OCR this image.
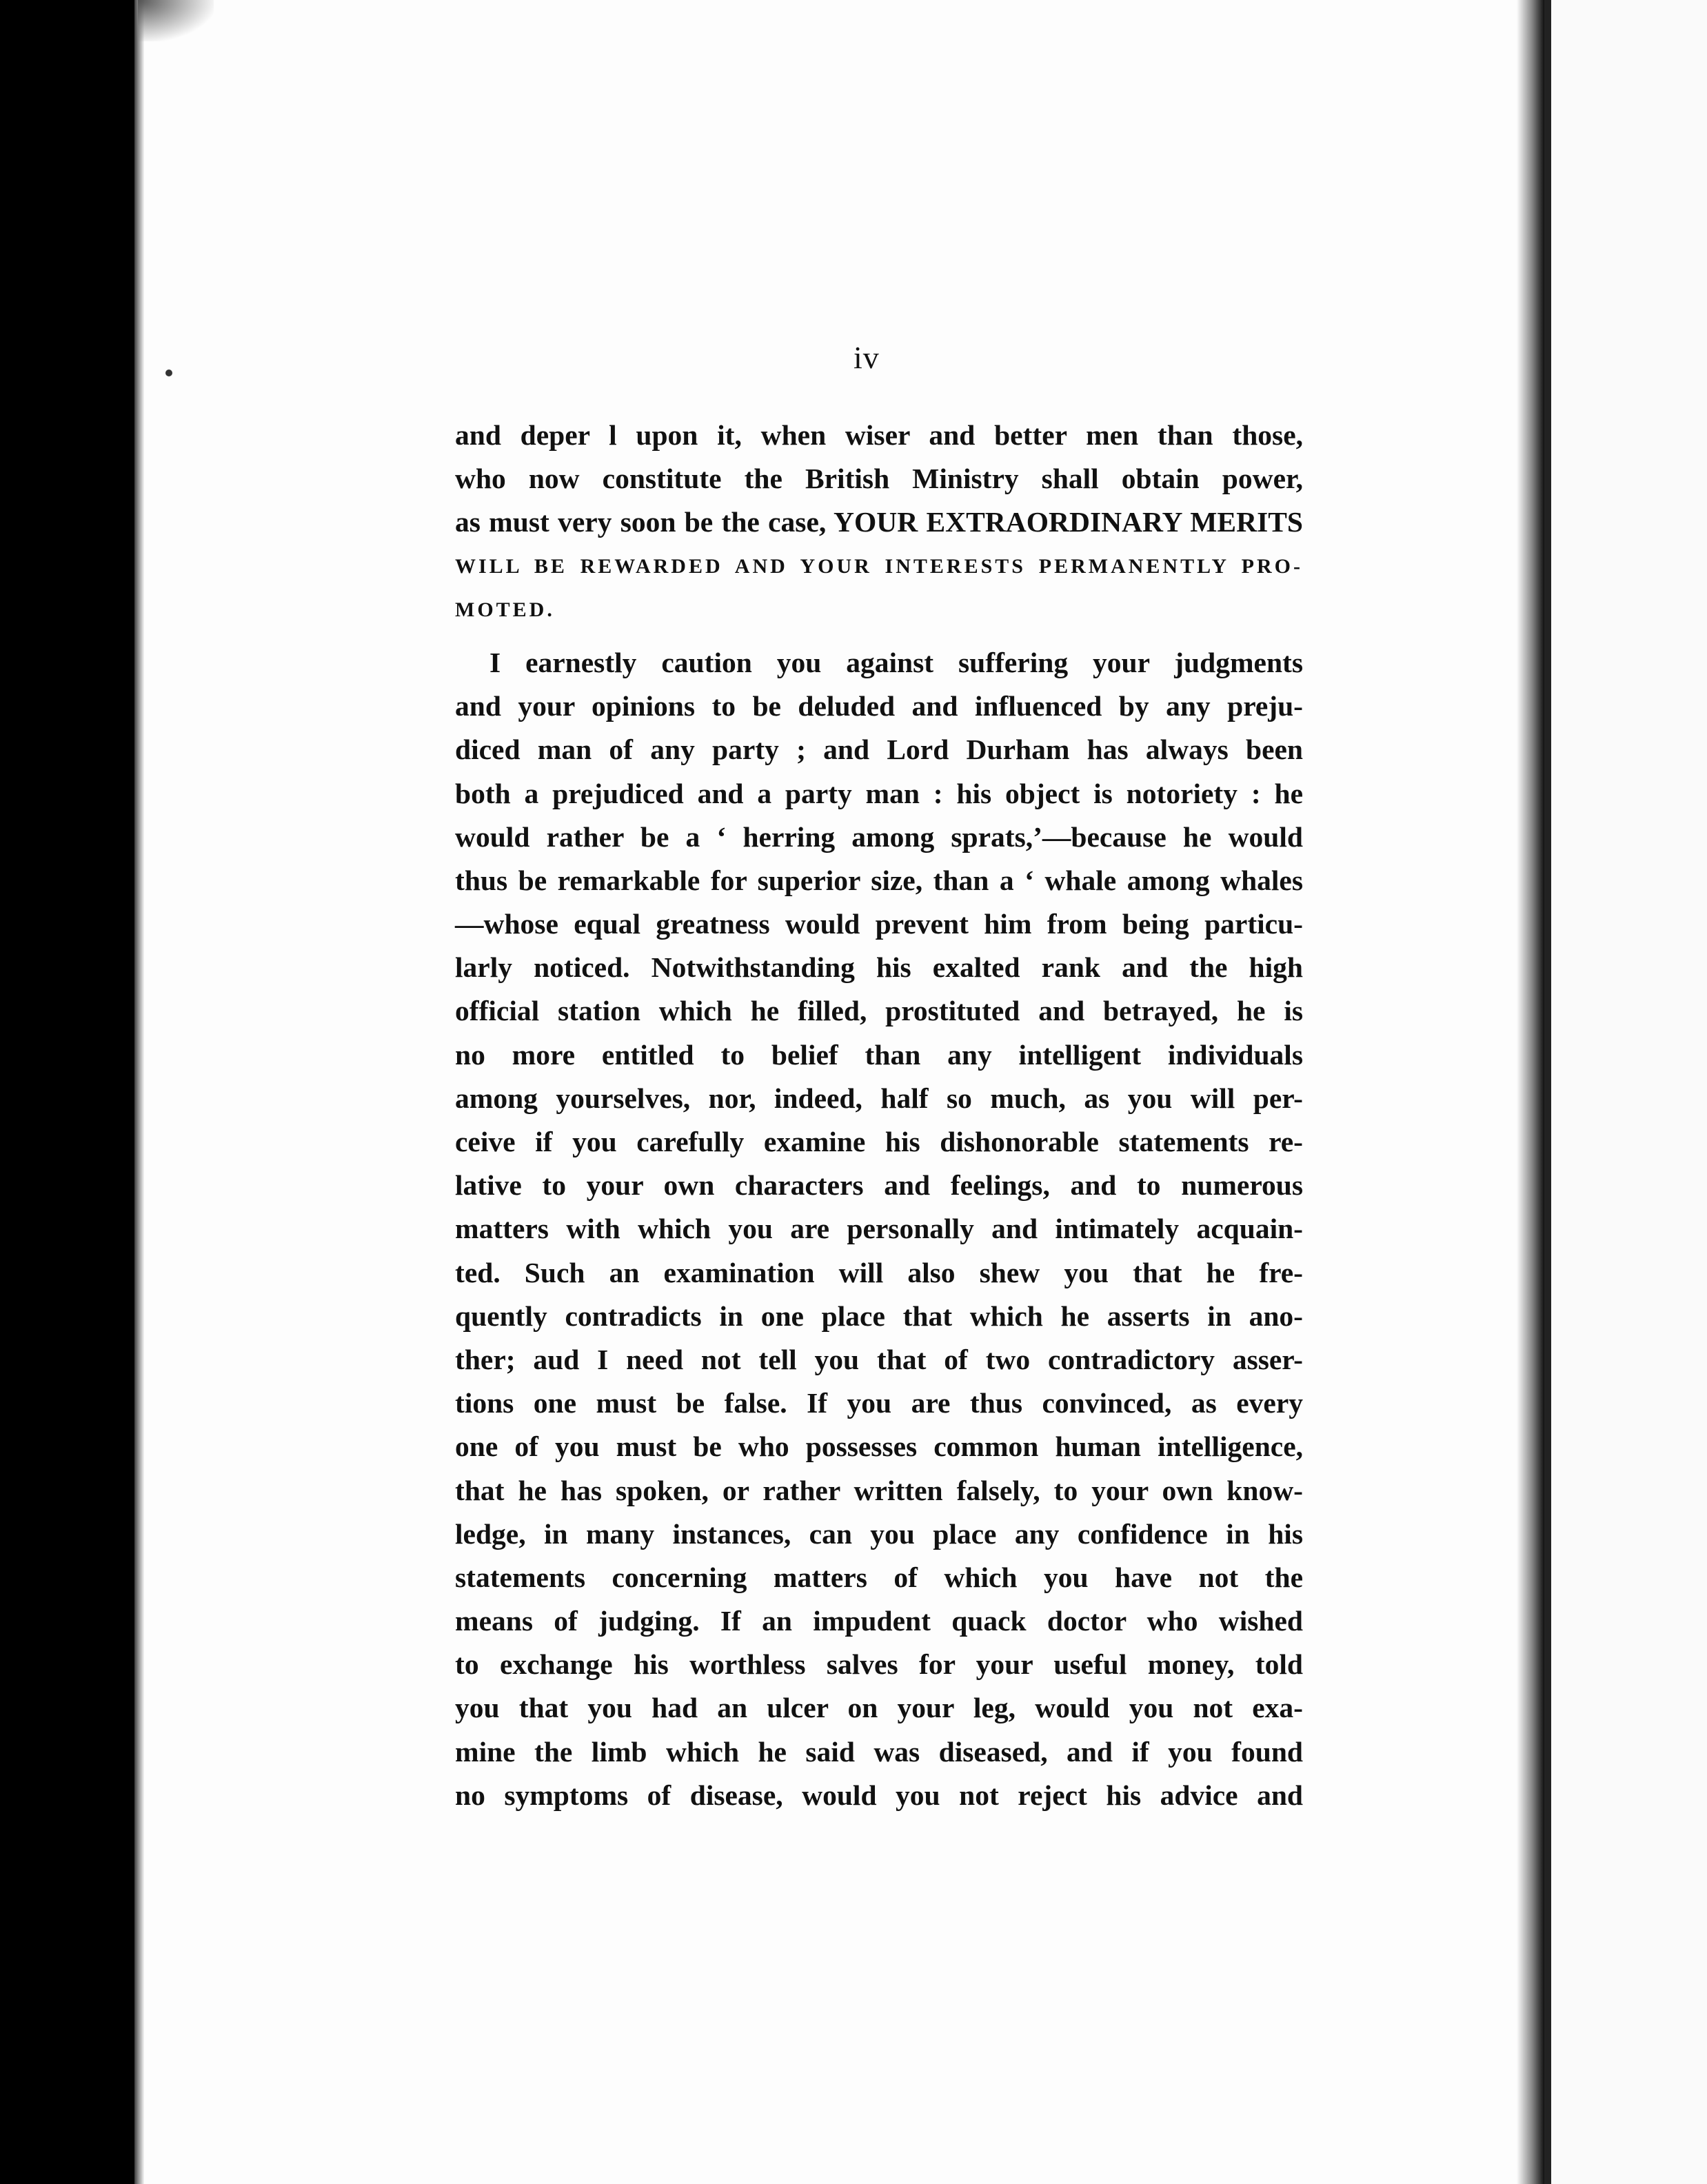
iv
and deper l upon it, when wiser and better men than those,
who now constitute the British Ministry shall obtain power,
as must very soon be the case, YOUR EXTRAORDINARY MERITS
WILL BE REWARDED AND YOUR INTERESTS PERMANENTLY PRO-
MOTED.
I earnestly caution you against suffering your judgments
and your opinions to be deluded and influenced by any preju-
diced man of any party ; and Lord Durham has always been
both a prejudiced and a party man : his object is notoriety : he
would rather be a ‘ herring among sprats,’—because he would
thus be remarkable for superior size, than a ‘ whale among whales
—whose equal greatness would prevent him from being particu-
larly noticed. Notwithstanding his exalted rank and the high
official station which he filled, prostituted and betrayed, he is
no more entitled to belief than any intelligent individuals
among yourselves, nor, indeed, half so much, as you will per-
ceive if you carefully examine his dishonorable statements re-
lative to your own characters and feelings, and to numerous
matters with which you are personally and intimately acquain-
ted. Such an examination will also shew you that he fre-
quently contradicts in one place that which he asserts in ano-
ther; aud I need not tell you that of two contradictory asser-
tions one must be false. If you are thus convinced, as every
one of you must be who possesses common human intelligence,
that he has spoken, or rather written falsely, to your own know-
ledge, in many instances, can you place any confidence in his
statements concerning matters of which you have not the
means of judging. If an impudent quack doctor who wished
to exchange his worthless salves for your useful money, told
you that you had an ulcer on your leg, would you not exa-
mine the limb which he said was diseased, and if you found
no symptoms of disease, would you not reject his advice and
